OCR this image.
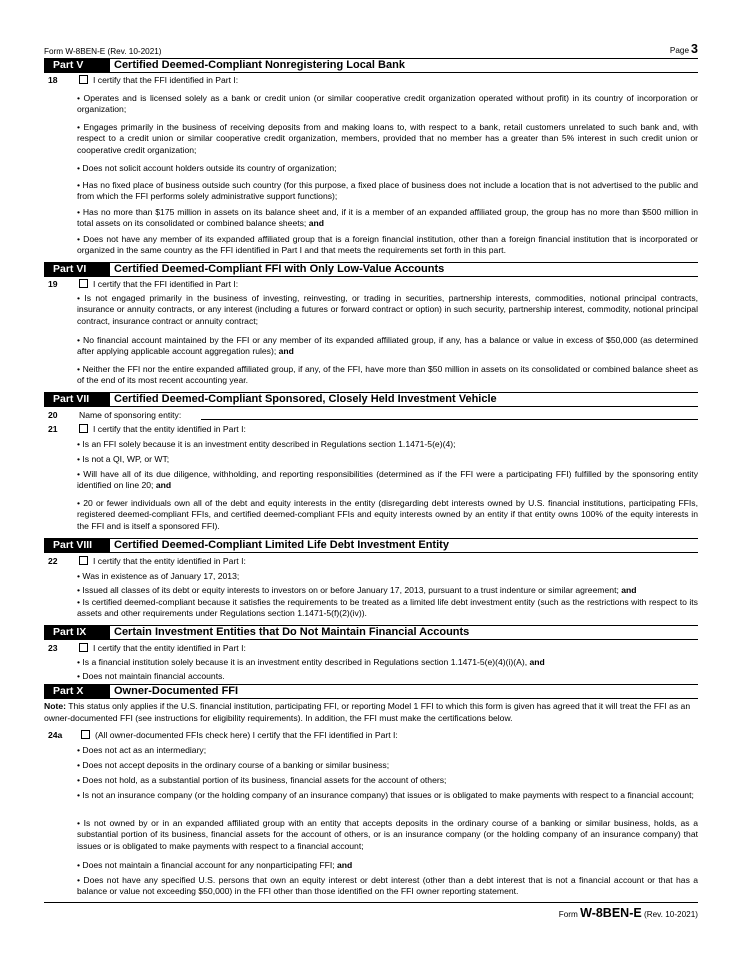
Form W-8BEN-E (Rev. 10-2021)	Page 3
Part V	Certified Deemed-Compliant Nonregistering Local Bank
18	I certify that the FFI identified in Part I:
• Operates and is licensed solely as a bank or credit union (or similar cooperative credit organization operated without profit) in its country of incorporation or organization;
• Engages primarily in the business of receiving deposits from and making loans to, with respect to a bank, retail customers unrelated to such bank and, with respect to a credit union or similar cooperative credit organization, members, provided that no member has a greater than 5% interest in such credit union or cooperative credit organization;
• Does not solicit account holders outside its country of organization;
• Has no fixed place of business outside such country (for this purpose, a fixed place of business does not include a location that is not advertised to the public and from which the FFI performs solely administrative support functions);
• Has no more than $175 million in assets on its balance sheet and, if it is a member of an expanded affiliated group, the group has no more than $500 million in total assets on its consolidated or combined balance sheets; and
• Does not have any member of its expanded affiliated group that is a foreign financial institution, other than a foreign financial institution that is incorporated or organized in the same country as the FFI identified in Part I and that meets the requirements set forth in this part.
Part VI	Certified Deemed-Compliant FFI with Only Low-Value Accounts
19	I certify that the FFI identified in Part I:
• Is not engaged primarily in the business of investing, reinvesting, or trading in securities, partnership interests, commodities, notional principal contracts, insurance or annuity contracts, or any interest (including a futures or forward contract or option) in such security, partnership interest, commodity, notional principal contract, insurance contract or annuity contract;
• No financial account maintained by the FFI or any member of its expanded affiliated group, if any, has a balance or value in excess of $50,000 (as determined after applying applicable account aggregation rules); and
• Neither the FFI nor the entire expanded affiliated group, if any, of the FFI, have more than $50 million in assets on its consolidated or combined balance sheet as of the end of its most recent accounting year.
Part VII	Certified Deemed-Compliant Sponsored, Closely Held Investment Vehicle
20	Name of sponsoring entity:
21	I certify that the entity identified in Part I:
• Is an FFI solely because it is an investment entity described in Regulations section 1.1471-5(e)(4);
• Is not a QI, WP, or WT;
• Will have all of its due diligence, withholding, and reporting responsibilities (determined as if the FFI were a participating FFI) fulfilled by the sponsoring entity identified on line 20; and
• 20 or fewer individuals own all of the debt and equity interests in the entity (disregarding debt interests owned by U.S. financial institutions, participating FFIs, registered deemed-compliant FFIs, and certified deemed-compliant FFIs and equity interests owned by an entity if that entity owns 100% of the equity interests in the FFI and is itself a sponsored FFI).
Part VIII	Certified Deemed-Compliant Limited Life Debt Investment Entity
22	I certify that the entity identified in Part I:
• Was in existence as of January 17, 2013;
• Issued all classes of its debt or equity interests to investors on or before January 17, 2013, pursuant to a trust indenture or similar agreement; and
• Is certified deemed-compliant because it satisfies the requirements to be treated as a limited life debt investment entity (such as the restrictions with respect to its assets and other requirements under Regulations section 1.1471-5(f)(2)(iv)).
Part IX	Certain Investment Entities that Do Not Maintain Financial Accounts
23	I certify that the entity identified in Part I:
• Is a financial institution solely because it is an investment entity described in Regulations section 1.1471-5(e)(4)(i)(A), and
• Does not maintain financial accounts.
Part X	Owner-Documented FFI
Note: This status only applies if the U.S. financial institution, participating FFI, or reporting Model 1 FFI to which this form is given has agreed that it will treat the FFI as an owner-documented FFI (see instructions for eligibility requirements). In addition, the FFI must make the certifications below.
24a	(All owner-documented FFIs check here) I certify that the FFI identified in Part I:
• Does not act as an intermediary;
• Does not accept deposits in the ordinary course of a banking or similar business;
• Does not hold, as a substantial portion of its business, financial assets for the account of others;
• Is not an insurance company (or the holding company of an insurance company) that issues or is obligated to make payments with respect to a financial account;
• Is not owned by or in an expanded affiliated group with an entity that accepts deposits in the ordinary course of a banking or similar business, holds, as a substantial portion of its business, financial assets for the account of others, or is an insurance company (or the holding company of an insurance company) that issues or is obligated to make payments with respect to a financial account;
• Does not maintain a financial account for any nonparticipating FFI; and
• Does not have any specified U.S. persons that own an equity interest or debt interest (other than a debt interest that is not a financial account or that has a balance or value not exceeding $50,000) in the FFI other than those identified on the FFI owner reporting statement.
Form W-8BEN-E (Rev. 10-2021)
